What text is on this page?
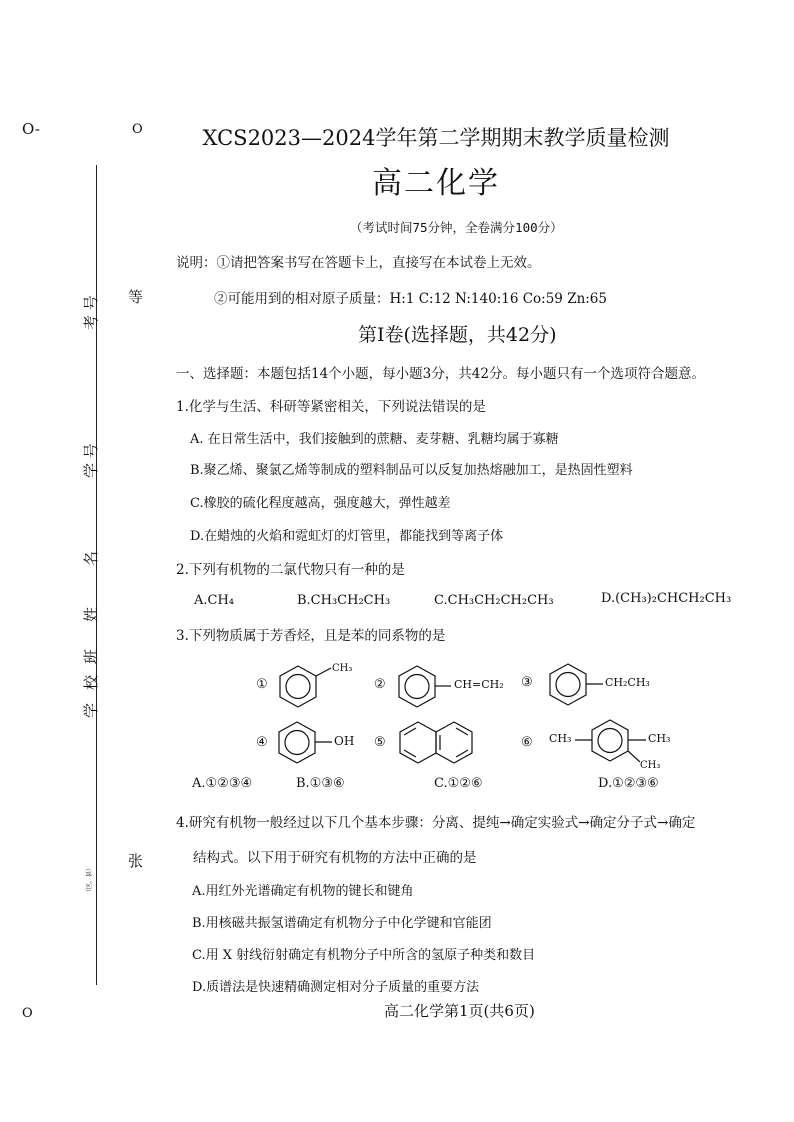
O-	O
等
张
O
考 号
学 号
名
姓
班
校
学
（区，县）
XCS2023—2024学年第二学期期末教学质量检测
高二化学
（考试时间75分钟，全卷满分100分）
说明：①请把答案书写在答题卡上，直接写在本试卷上无效。
②可能用到的相对原子质量：H:1 C:12 N:140:16 Co:59 Zn:65
第I卷(选择题，共42分)
一、选择题：本题包括14个小题，每小题3分，共42分。每小题只有一个选项符合题意。
1.化学与生活、科研等紧密相关，下列说法错误的是
A. 在日常生活中，我们接触到的蔗糖、麦芽糖、乳糖均属于寡糖
B.聚乙烯、聚氯乙烯等制成的塑料制品可以反复加热熔融加工，是热固性塑料
C.橡胶的硫化程度越高，强度越大，弹性越差
D.在蜡烛的火焰和霓虹灯的灯管里，都能找到等离子体
2.下列有机物的二氯代物只有一种的是
A.CH₄	B.CH₃CH₂CH₃	C.CH₃CH₂CH₂CH₃	D.(CH₃)₂CHCH₂CH₃
3.下列物质属于芳香烃，且是苯的同系物的是
①
CH₃
②	CH=CH₂ ③	CH₂CH₃
④	OH ⑤	⑥ CH₃	CH₃
CH₃
A.①②③④	B.①③⑥	C.①②⑥	D.①②③⑥
4.研究有机物一般经过以下几个基本步骤：分离、提纯→确定实验式→确定分子式→确定
结构式。以下用于研究有机物的方法中正确的是
A.用红外光谱确定有机物的键长和键角
B.用核磁共振氢谱确定有机物分子中化学键和官能团
C.用 X 射线衍射确定有机物分子中所含的氢原子种类和数目
D.质谱法是快速精确测定相对分子质量的重要方法
高二化学第1页(共6页)
